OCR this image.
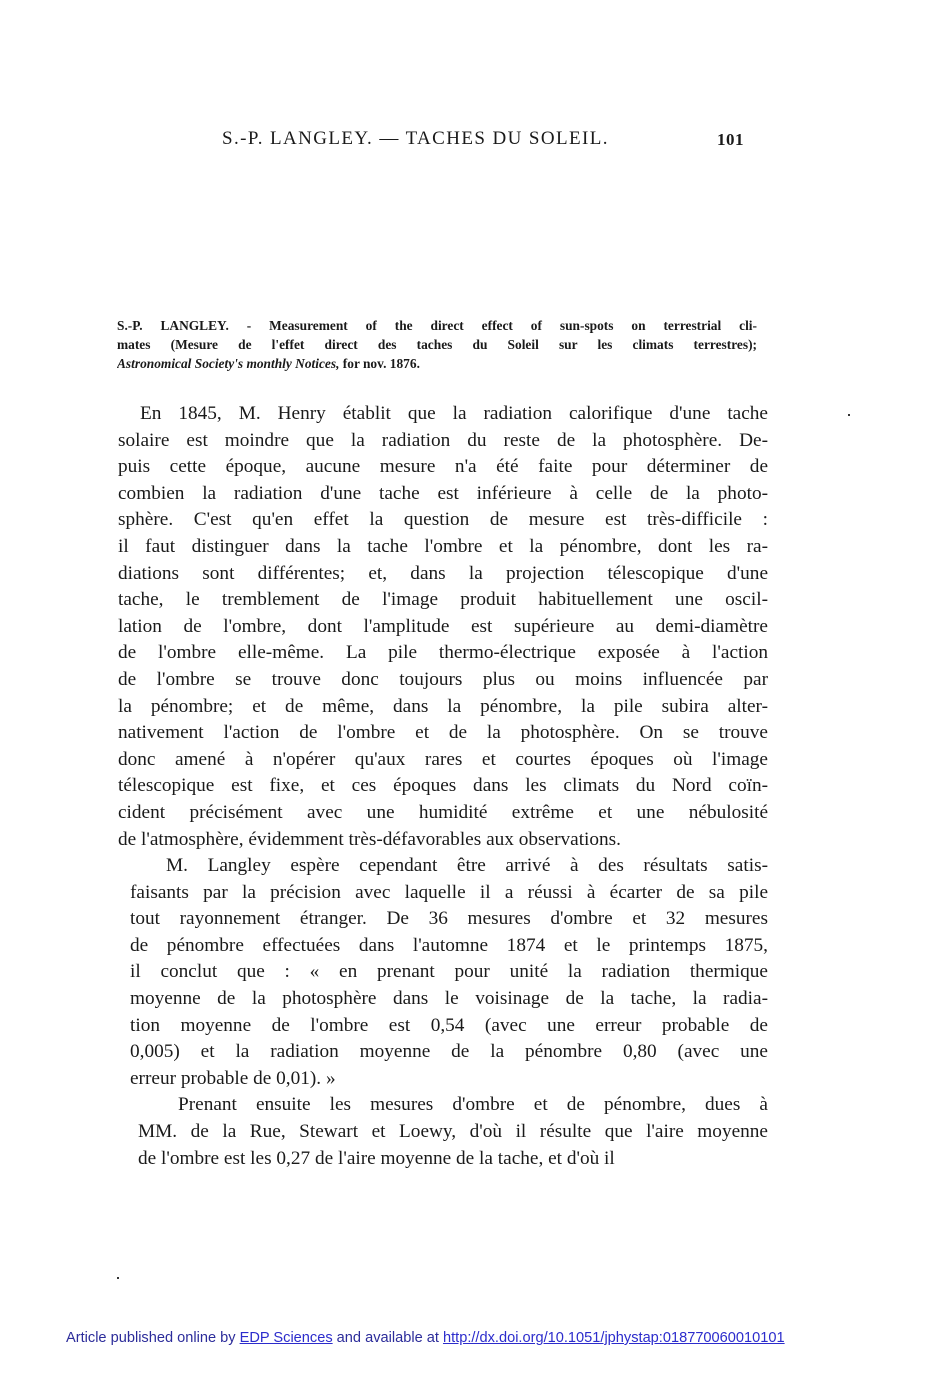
S.-P. LANGLEY. — TACHES DU SOLEIL.	101
S.-P. LANGLEY. - Measurement of the direct effect of sun-spots on terrestrial cli-
mates (Mesure de l'effet direct des taches du Soleil sur les climats terrestres);
Astronomical Society's monthly Notices, for nov. 1876.
En 1845, M. Henry établit que la radiation calorifique d'une tache
solaire est moindre que la radiation du reste de la photosphère. De-
puis cette époque, aucune mesure n'a été faite pour déterminer de
combien la radiation d'une tache est inférieure à celle de la photo-
sphère. C'est qu'en effet la question de mesure est très-difficile :
il faut distinguer dans la tache l'ombre et la pénombre, dont les ra-
diations sont différentes; et, dans la projection télescopique d'une
tache, le tremblement de l'image produit habituellement une oscil-
lation de l'ombre, dont l'amplitude est supérieure au demi-diamètre
de l'ombre elle-même. La pile thermo-électrique exposée à l'action
de l'ombre se trouve donc toujours plus ou moins influencée par
la pénombre; et de même, dans la pénombre, la pile subira alter-
nativement l'action de l'ombre et de la photosphère. On se trouve
donc amené à n'opérer qu'aux rares et courtes époques où l'image
télescopique est fixe, et ces époques dans les climats du Nord coïn-
cident précisément avec une humidité extrême et une nébulosité
de l'atmosphère, évidemment très-défavorables aux observations.
M. Langley espère cependant être arrivé à des résultats satis-
faisants par la précision avec laquelle il a réussi à écarter de sa pile
tout rayonnement étranger. De 36 mesures d'ombre et 32 mesures
de pénombre effectuées dans l'automne 1874 et le printemps 1875,
il conclut que : « en prenant pour unité la radiation thermique
moyenne de la photosphère dans le voisinage de la tache, la radia-
tion moyenne de l'ombre est 0,54 (avec une erreur probable de
0,005) et la radiation moyenne de la pénombre 0,80 (avec une
erreur probable de 0,01). »
Prenant ensuite les mesures d'ombre et de pénombre, dues à
MM. de la Rue, Stewart et Loewy, d'où il résulte que l'aire moyenne
de l'ombre est les 0,27 de l'aire moyenne de la tache, et d'où il
Article published online by EDP Sciences and available at http://dx.doi.org/10.1051/jphystap:018770060010101
